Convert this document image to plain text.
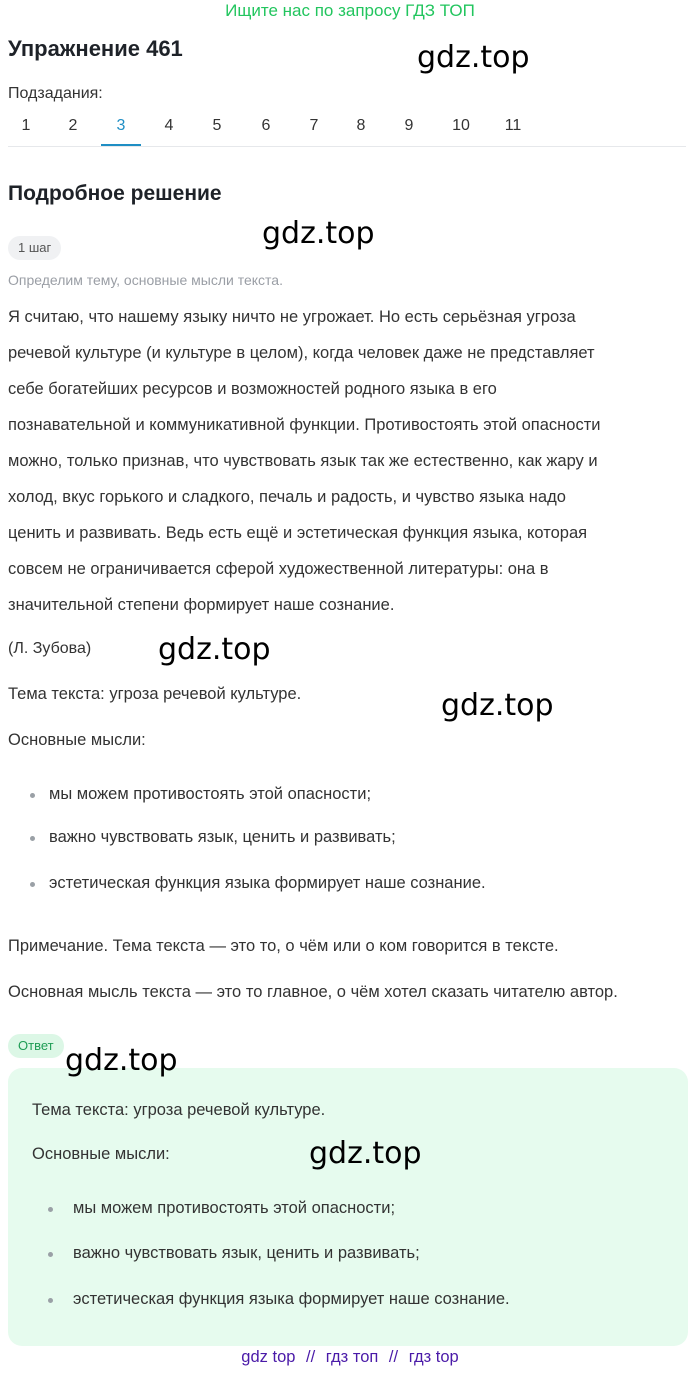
Ищите нас по запросу ГДЗ ТОП
Упражнение 461	gdz.top
Подзадания:
1	2	3	4	5	6	7	8	9	10	11
Подробное решение
gdz.top
1 шаг
Определим тему, основные мысли текста.
Я считаю, что нашему языку ничто не угрожает. Но есть серьёзная угроза
речевой культуре (и культуре в целом), когда человек даже не представляет
себе богатейших ресурсов и возможностей родного языка в его
познавательной и коммуникативной функции. Противостоять этой опасности
можно, только признав, что чувствовать язык так же естественно, как жару и
холод, вкус горького и сладкого, печаль и радость, и чувство языка надо
ценить и развивать. Ведь есть ещё и эстетическая функция языка, которая
совсем не ограничивается сферой художественной литературы: она в
значительной степени формирует наше сознание.
(Л. Зубова) gdz.top
Тема текста: угроза речевой культуре.	gdz.top
Основные мысли:
мы можем противостоять этой опасности;
важно чувствовать язык, ценить и развивать;
эстетическая функция языка формирует наше сознание.
Примечание. Тема текста — это то, о чём или о ком говорится в тексте.
Основная мысль текста — это то главное, о чём хотел сказать читателю автор.
Ответ gdz.top
Тема текста: угроза речевой культуре.
Основные мысли:	gdz.top
мы можем противостоять этой опасности;
важно чувствовать язык, ценить и развивать;
эстетическая функция языка формирует наше сознание.
gdz top // гдз топ // гдз top
